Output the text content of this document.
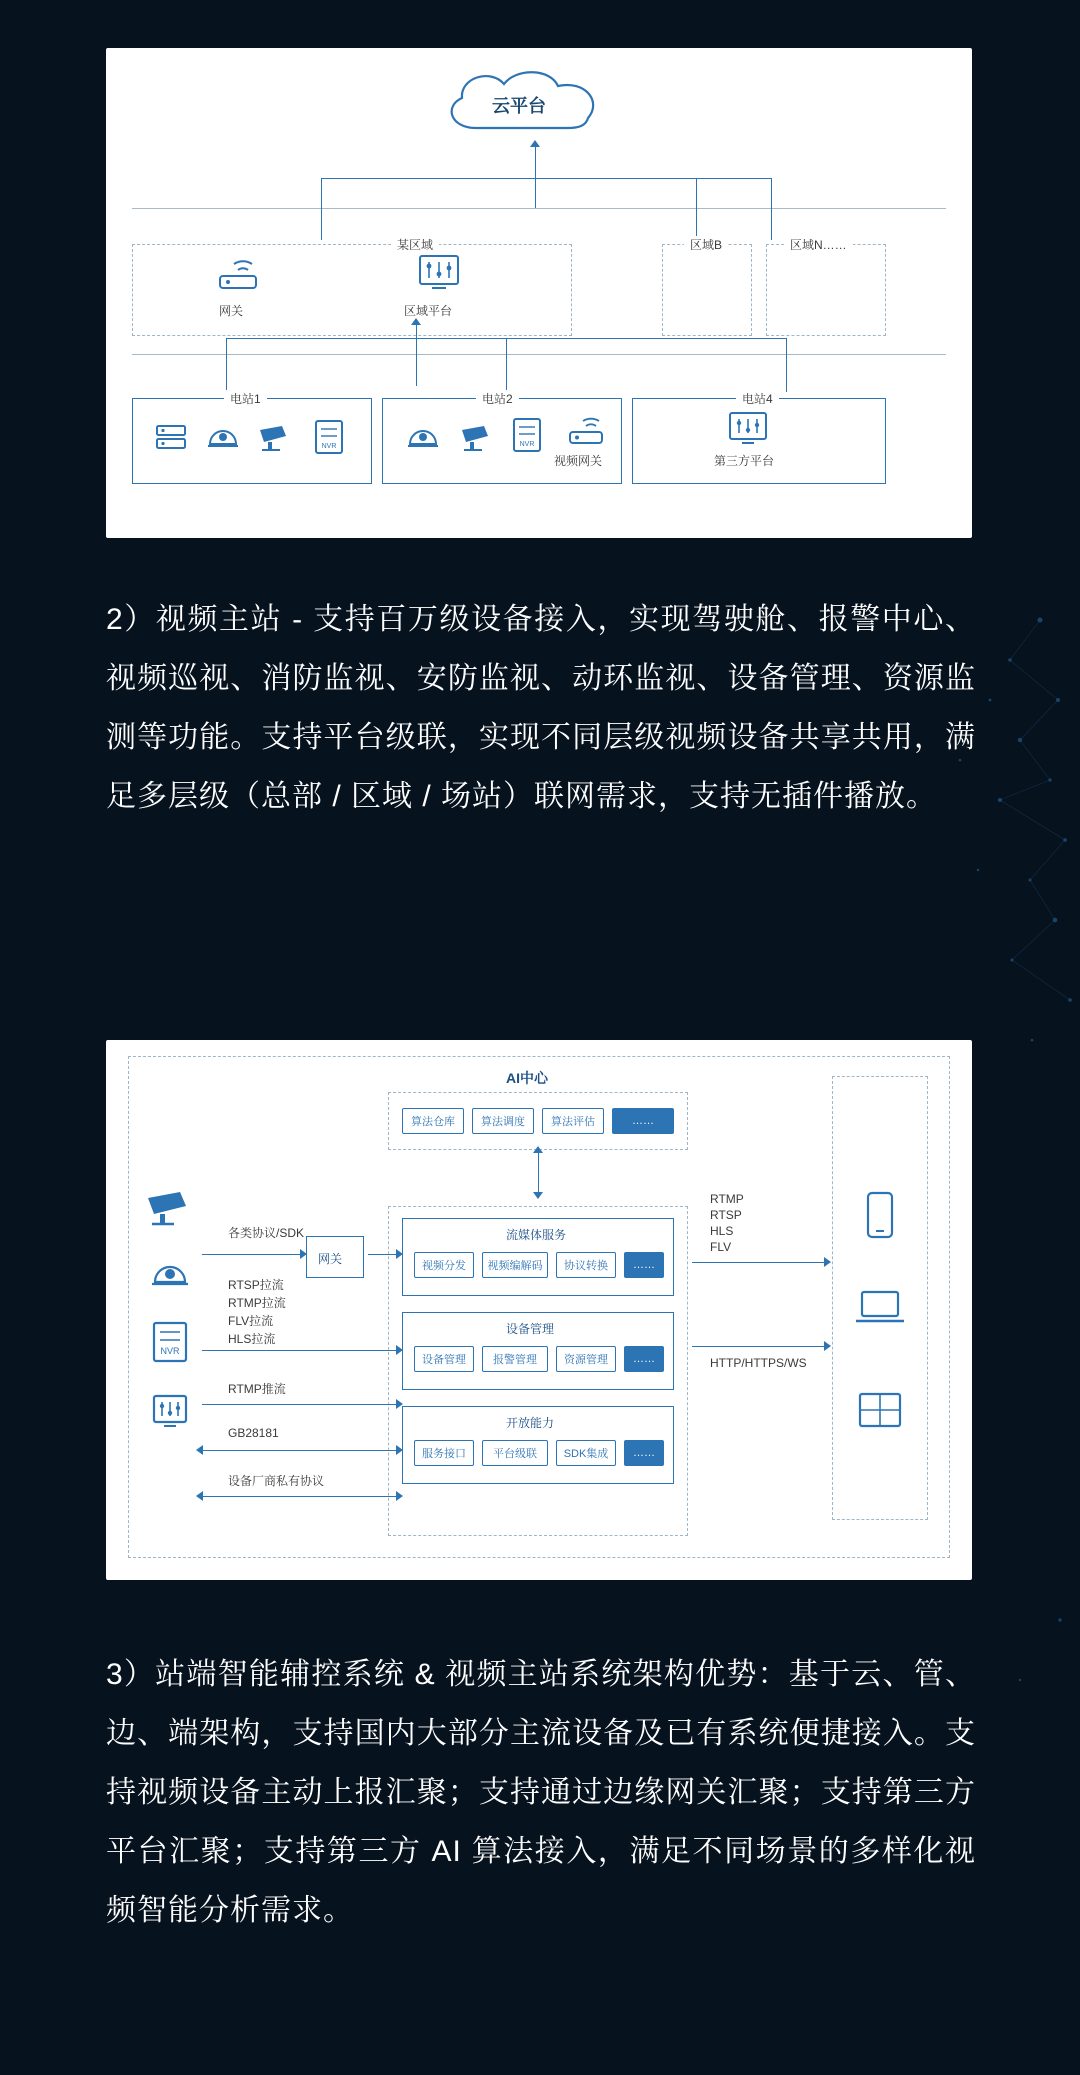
云平台
某区域	区域B	区域N……
网关	区域平台
电站1	电站2	电站4
NVR	NVR
视频网关	第三方平台
2）视频主站 - 支持百万级设备接入，实现驾驶舱、报警中心、视频巡视、消防监视、安防监视、动环监视、设备管理、资源监测等功能。支持平台级联，实现不同层级视频设备共享共用，满足多层级（总部 / 区域 / 场站）联网需求，支持无插件播放。
AI中心
算法仓库	算法调度	算法评估	……
流媒体服务
视频分发	视频编解码	协议转换	……
设备管理
设备管理	报警管理	资源管理	……
开放能力
服务接口	平台级联	SDK集成	……
NVR
网关
各类协议/SDK
RTSP拉流
RTMP拉流
FLV拉流
HLS拉流
RTMP推流
GB28181
设备厂商私有协议
RTMP
RTSP
HLS
FLV
HTTP/HTTPS/WS
3）站端智能辅控系统 & 视频主站系统架构优势：基于云、管、边、端架构，支持国内大部分主流设备及已有系统便捷接入。支持视频设备主动上报汇聚；支持通过边缘网关汇聚；支持第三方平台汇聚；支持第三方 AI 算法接入，满足不同场景的多样化视频智能分析需求。
